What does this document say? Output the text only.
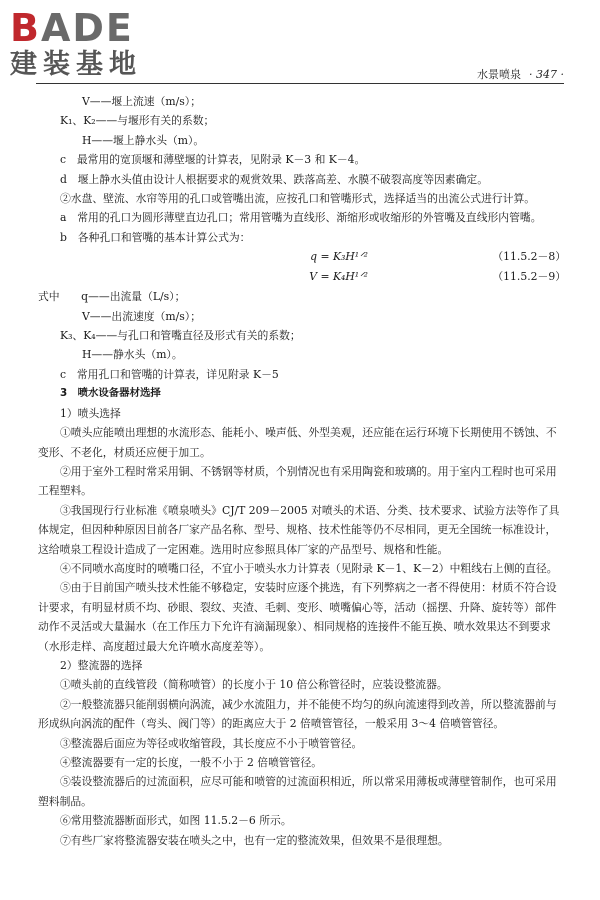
BADE
建装基地	水景喷泉 · 347 ·

V——堰上流速（m/s）；

K₁、K₂——与堰形有关的系数；

H——堰上静水头（m）。

c　最常用的宽顶堰和薄壁堰的计算表，见附录 K－3 和 K－4。

d　堰上静水头值由设计人根据要求的观赏效果、跌落高差、水膜不破裂高度等因素确定。

②水盘、壁流、水帘等用的孔口或管嘴出流，应按孔口和管嘴形式，选择适当的出流公式进行计算。

a　常用的孔口为圆形薄壁直边孔口；常用管嘴为直线形、渐缩形或收缩形的外管嘴及直线形内管嘴。

b　各种孔口和管嘴的基本计算公式为：

q = K₃H¹ᐟ²	（11.5.2－8）
V = K₄H¹ᐟ²	（11.5.2－9）

式中　　q——出流量（L/s）；

V——出流速度（m/s）；

K₃、K₄——与孔口和管嘴直径及形式有关的系数；

H——静水头（m）。

c　常用孔口和管嘴的计算表，详见附录 K－5

3　喷水设备器材选择

1）喷头选择

①喷头应能喷出理想的水流形态、能耗小、噪声低、外型美观，还应能在运行环境下长期使用不锈蚀、不变形、不老化，材质还应便于加工。

②用于室外工程时常采用铜、不锈钢等材质，个别情况也有采用陶瓷和玻璃的。用于室内工程时也可采用工程塑料。

③我国现行行业标准《喷泉喷头》CJ/T 209－2005 对喷头的术语、分类、技术要求、试验方法等作了具体规定，但因种种原因目前各厂家产品名称、型号、规格、技术性能等仍不尽相同，更无全国统一标准设计，这给喷泉工程设计造成了一定困难。选用时应参照具体厂家的产品型号、规格和性能。

④不同喷水高度时的喷嘴口径，不宜小于喷头水力计算表（见附录 K－1、K－2）中粗线右上侧的直径。

⑤由于目前国产喷头技术性能不够稳定，安装时应逐个挑选，有下列弊病之一者不得使用：材质不符合设计要求，有明显材质不均、砂眼、裂纹、夹渣、毛刺、变形、喷嘴偏心等，活动（摇摆、升降、旋转等）部件动作不灵活或大量漏水（在工作压力下允许有滴漏现象）、相同规格的连接件不能互换、喷水效果达不到要求（水形走样、高度超过最大允许喷水高度差等）。

2）整流器的选择

①喷头前的直线管段（简称喷管）的长度小于 10 倍公称管径时，应装设整流器。

②一般整流器只能削弱横向涡流，减少水流阻力，并不能使不均匀的纵向流速得到改善，所以整流器前与形成纵向涡流的配件（弯头、阀门等）的距离应大于 2 倍喷管管径，一般采用 3～4 倍喷管管径。

③整流器后面应为等径或收缩管段，其长度应不小于喷管管径。

④整流器要有一定的长度，一般不小于 2 倍喷管管径。

⑤装设整流器后的过流面积，应尽可能和喷管的过流面积相近，所以常采用薄板或薄壁管制作，也可采用塑料制品。

⑥常用整流器断面形式，如图 11.5.2－6 所示。

⑦有些厂家将整流器安装在喷头之中，也有一定的整流效果，但效果不是很理想。
